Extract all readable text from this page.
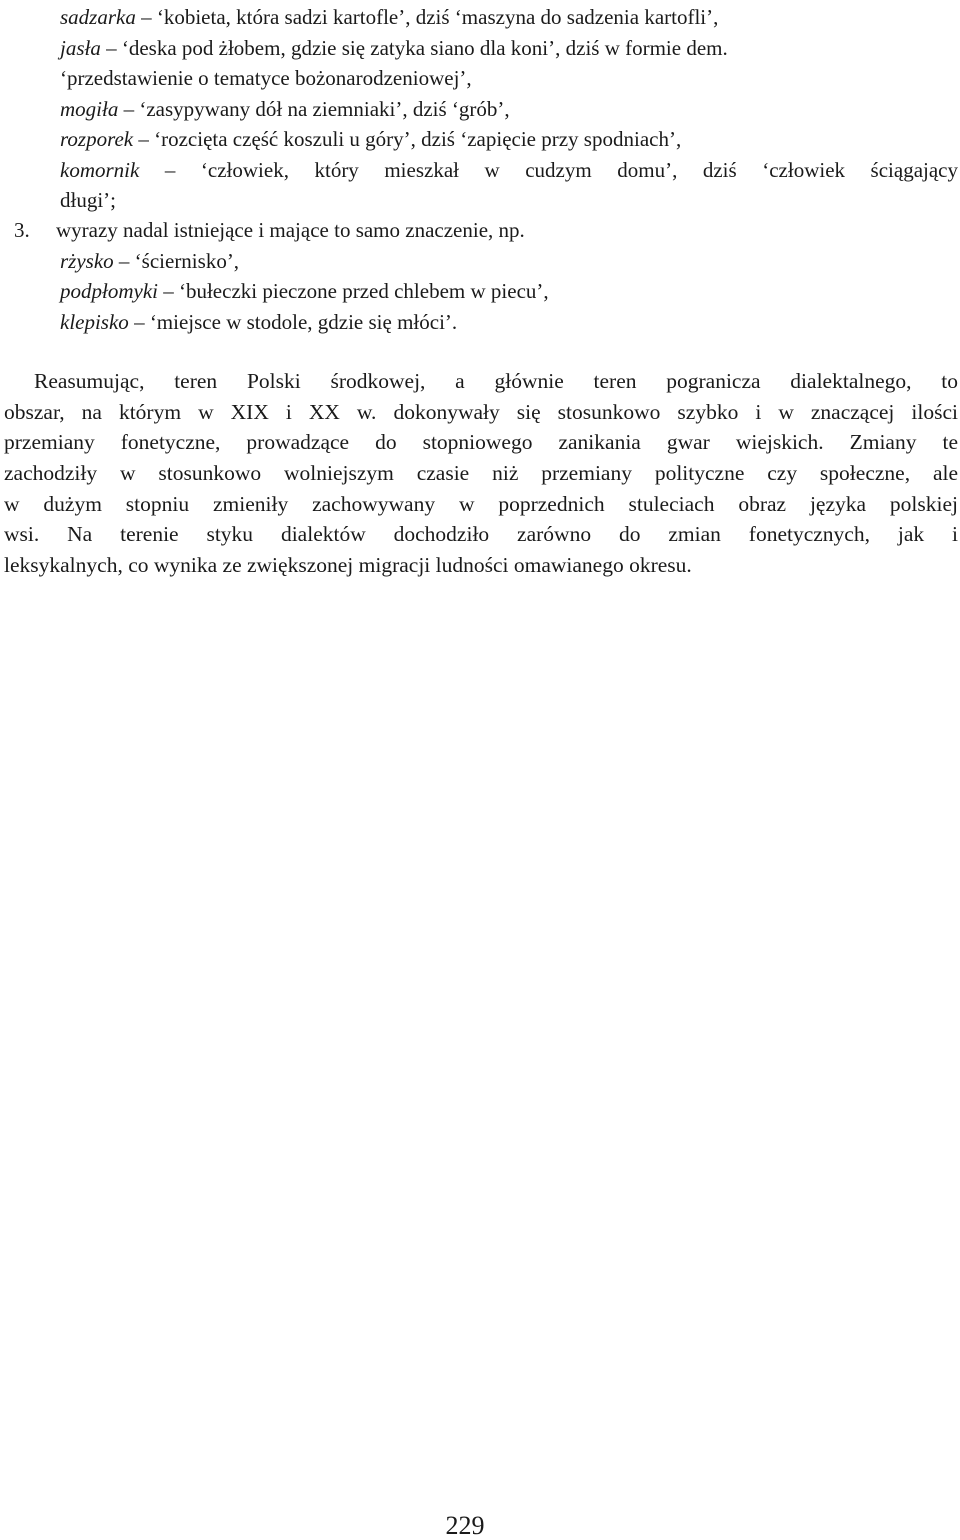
sadzarka – ‘kobieta, która sadzi kartofle’, dziś ‘maszyna do sadzenia kartofli’,
jasła – ‘deska pod żłobem, gdzie się zatyka siano dla koni’, dziś w formie dem.
‘przedstawienie o tematyce bożonarodzeniowej’,
mogiła – ‘zasypywany dół na ziemniaki’, dziś ‘grób’,
rozporek – ‘rozcięta część koszuli u góry’, dziś ‘zapięcie przy spodniach’,
komornik – ‘człowiek, który mieszkał w cudzym domu’, dziś ‘człowiek ściągający
długi’;
3. wyrazy nadal istniejące i mające to samo znaczenie, np.
rżysko – ‘ściernisko’,
podpłomyki – ‘bułeczki pieczone przed chlebem w piecu’,
klepisko – ‘miejsce w stodole, gdzie się młóci’.
Reasumując, teren Polski środkowej, a głównie teren pogranicza dialektalnego, to
obszar, na którym w XIX i XX w. dokonywały się stosunkowo szybko i w znaczącej ilości
przemiany fonetyczne, prowadzące do stopniowego zanikania gwar wiejskich. Zmiany te
zachodziły w stosunkowo wolniejszym czasie niż przemiany polityczne czy społeczne, ale
w dużym stopniu zmieniły zachowywany w poprzednich stuleciach obraz języka polskiej
wsi. Na terenie styku dialektów dochodziło zarówno do zmian fonetycznych, jak i
leksykalnych, co wynika ze zwiększonej migracji ludności omawianego okresu.
229
